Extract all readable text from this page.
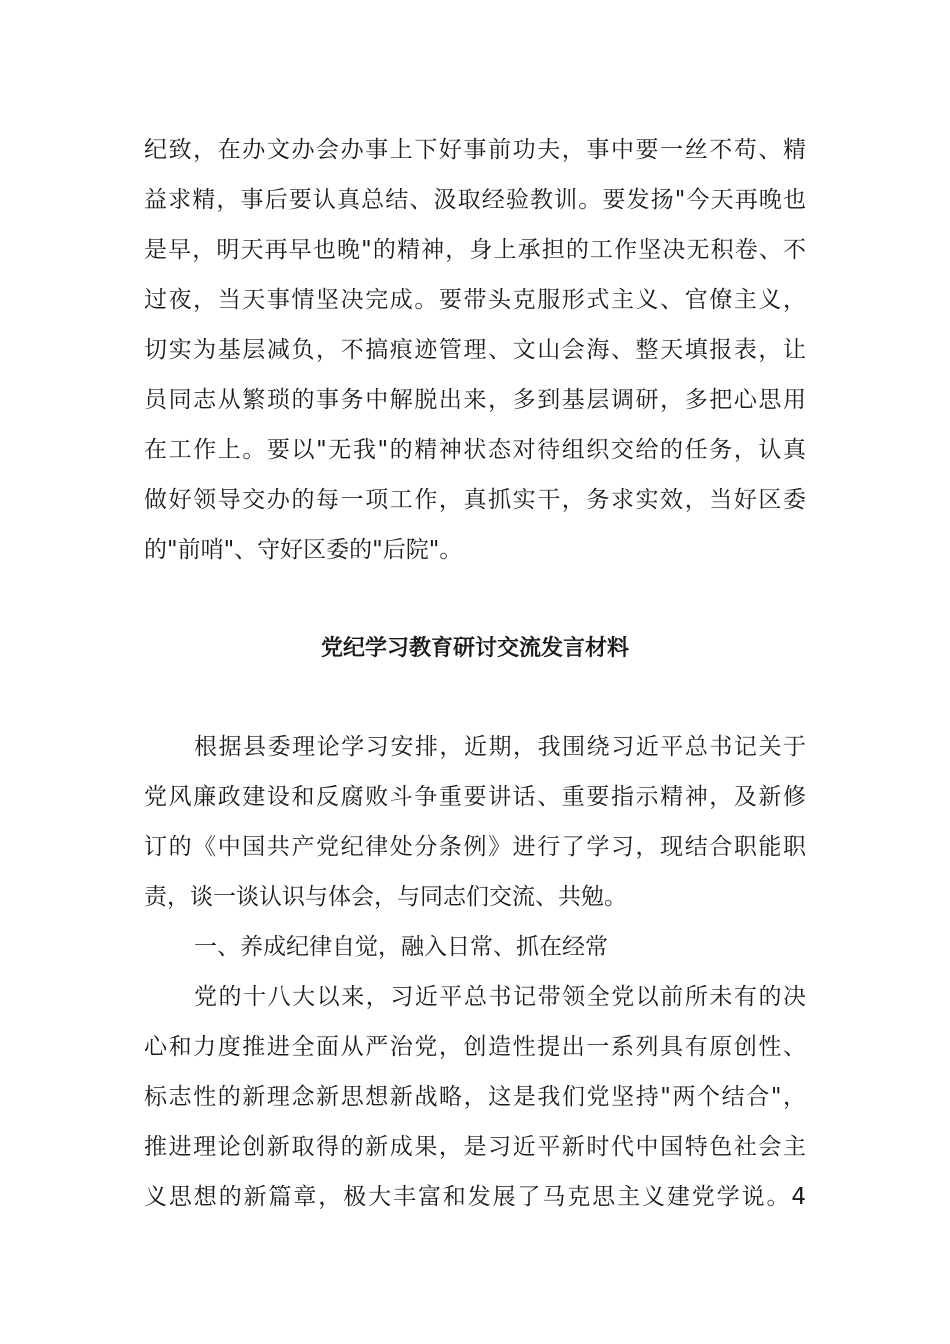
纪致，在办文办会办事上下好事前功夫，事中要一丝不苟、精
益求精，事后要认真总结、汲取经验教训。要发扬"今天再晚也
是早，明天再早也晚"的精神，身上承担的工作坚决无积卷、不
过夜，当天事情坚决完成。要带头克服形式主义、官僚主义，
切实为基层减负，不搞痕迹管理、文山会海、整天填报表，让
员同志从繁琐的事务中解脱出来，多到基层调研，多把心思用
在工作上。要以"无我"的精神状态对待组织交给的任务，认真
做好领导交办的每一项工作，真抓实干，务求实效，当好区委
的"前哨"、守好区委的"后院"。
党纪学习教育研讨交流发言材料
根据县委理论学习安排，近期，我围绕习近平总书记关于
党风廉政建设和反腐败斗争重要讲话、重要指示精神，及新修
订的《中国共产党纪律处分条例》进行了学习，现结合职能职
责，谈一谈认识与体会，与同志们交流、共勉。
一、养成纪律自觉，融入日常、抓在经常
党的十八大以来，习近平总书记带领全党以前所未有的决
心和力度推进全面从严治党，创造性提出一系列具有原创性、
标志性的新理念新思想新战略，这是我们党坚持"两个结合"，
推进理论创新取得的新成果，是习近平新时代中国特色社会主
义思想的新篇章，极大丰富和发展了马克思主义建党学说。4
